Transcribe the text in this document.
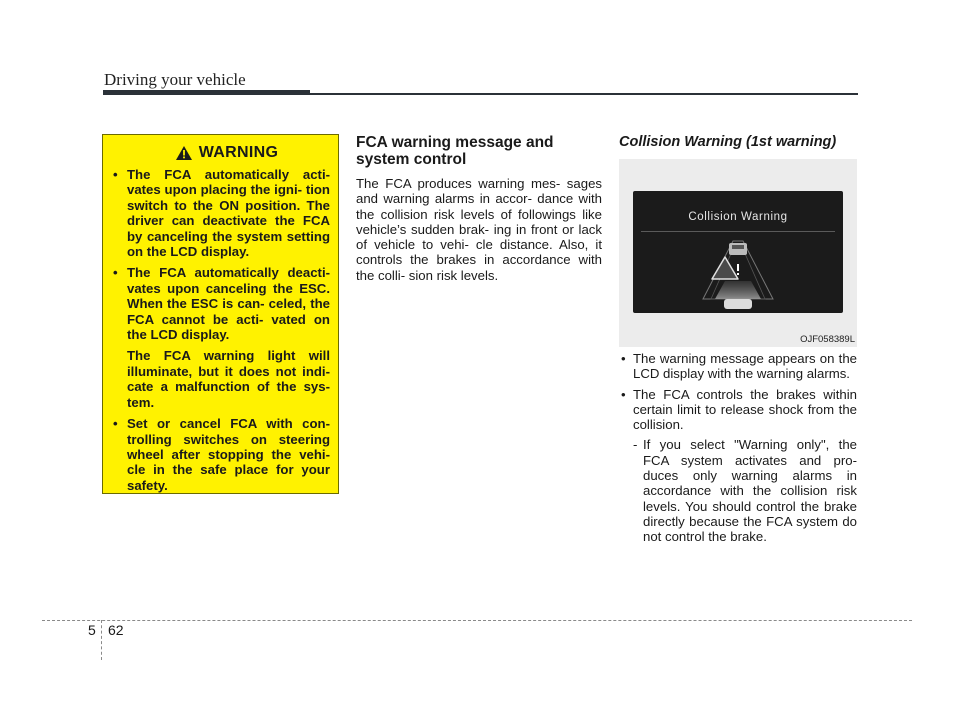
Driving your vehicle
WARNING
• The FCA automatically acti- vates upon placing the igni- tion switch to the ON position. The driver can deactivate the FCA by canceling the system setting on the LCD display.
• The FCA automatically deacti- vates upon canceling the ESC. When the ESC is can- celed, the FCA cannot be acti- vated on the LCD display.
The FCA warning light will illuminate, but it does not indi- cate a malfunction of the sys- tem.
• Set or cancel FCA with con- trolling switches on steering wheel after stopping the vehi- cle in the safe place for your safety.
FCA warning message and system control
The FCA produces warning mes- sages and warning alarms in accor- dance with the collision risk levels of followings like vehicle’s sudden brak- ing in front or lack of vehicle to vehi- cle distance. Also, it controls the brakes in accordance with the colli- sion risk levels.
Collision Warning (1st warning)
Collision Warning
OJF058389L
• The warning message appears on the LCD display with the warning alarms.
• The FCA controls the brakes within certain limit to release shock from the collision.
- If you select "Warning only", the FCA system activates and pro- duces only warning alarms in accordance with the collision risk levels. You should control the brake directly because the FCA system do not control the brake.
5 62
